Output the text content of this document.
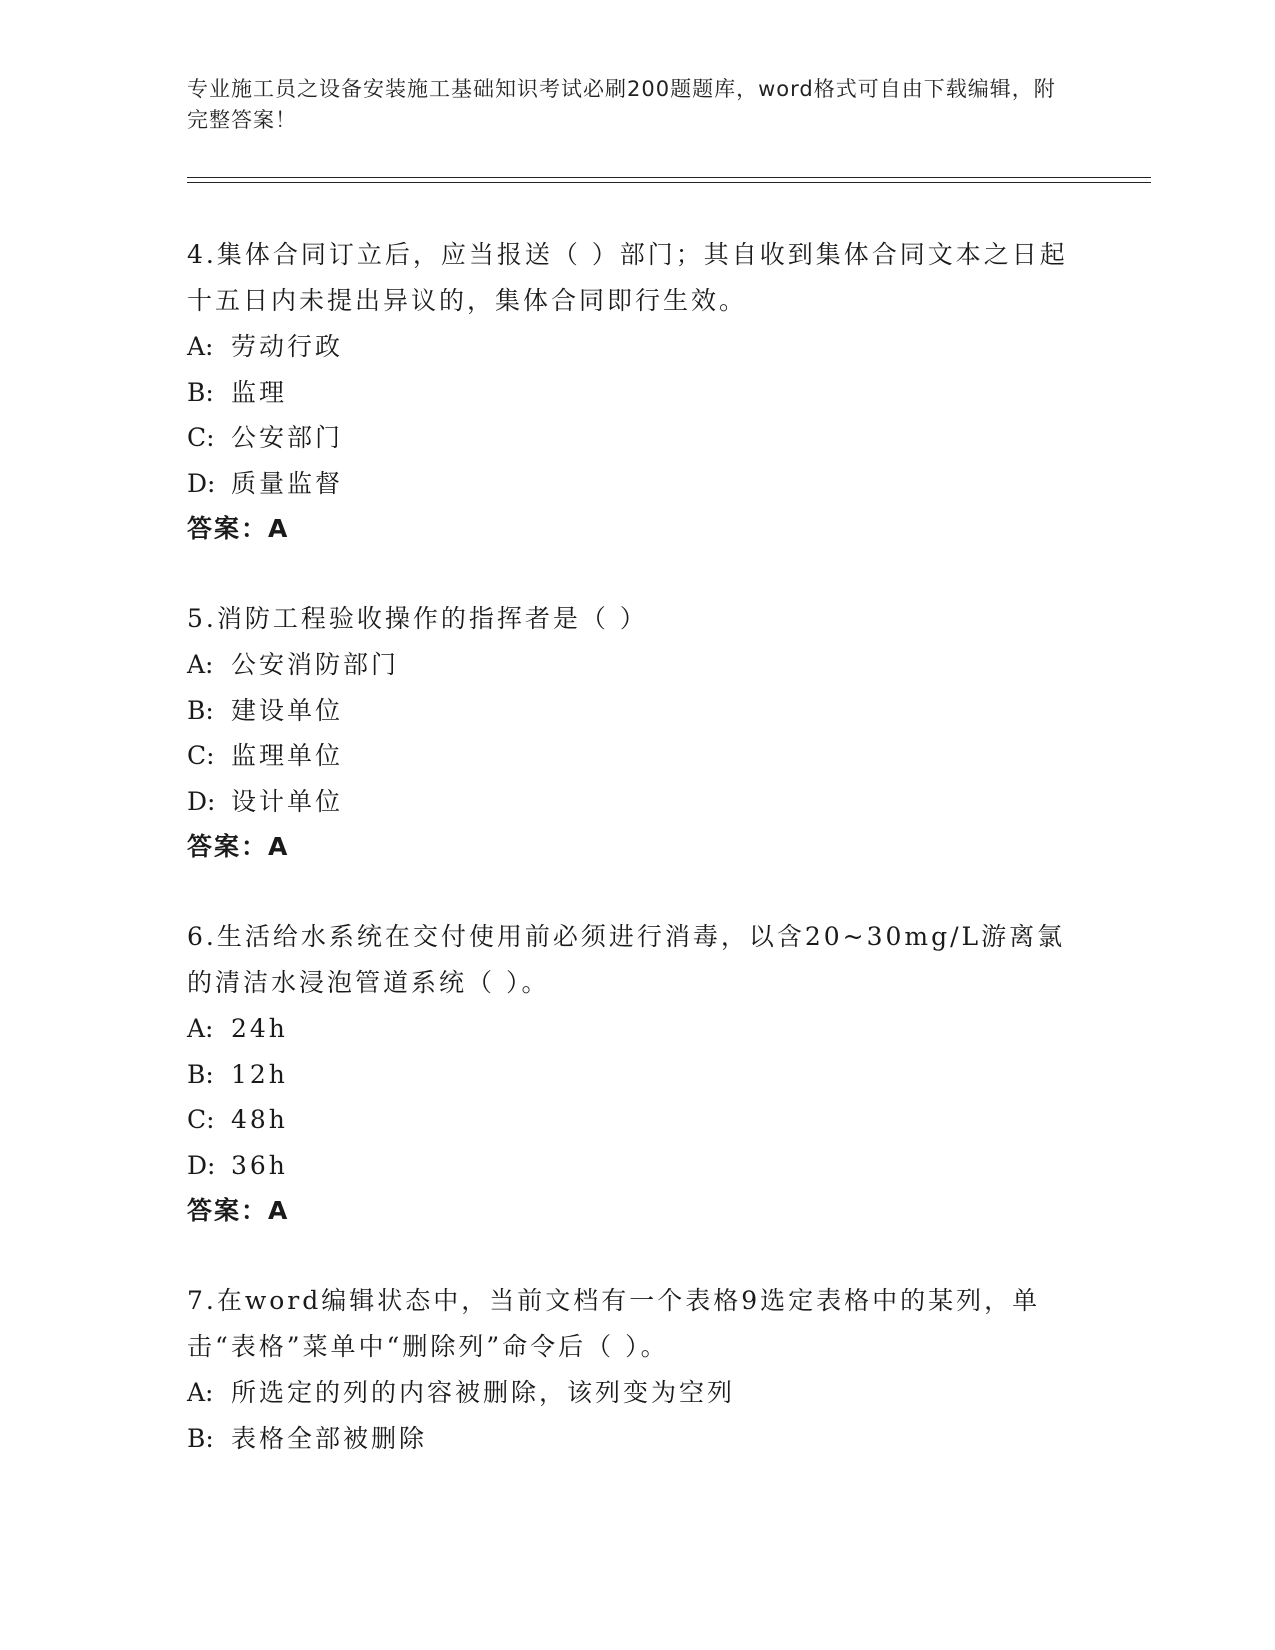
专业施工员之设备安装施工基础知识考试必刷200题题库，word格式可自由下载编辑，附完整答案！

4.集体合同订立后，应当报送（ ）部门；其自收到集体合同文本之日起十五日内未提出异议的，集体合同即行生效。

A: 劳动行政

B: 监理

C: 公安部门

D: 质量监督

答案：A

5.消防工程验收操作的指挥者是（ ）

A: 公安消防部门

B: 建设单位

C: 监理单位

D: 设计单位

答案：A

6.生活给水系统在交付使用前必须进行消毒，以含20~30mg/L游离氯的清洁水浸泡管道系统（ ）。

A: 24h

B: 12h

C: 48h

D: 36h

答案：A

7.在word编辑状态中，当前文档有一个表格9选定表格中的某列，单击“表格”菜单中“删除列”命令后（ ）。

A: 所选定的列的内容被删除，该列变为空列

B: 表格全部被删除
